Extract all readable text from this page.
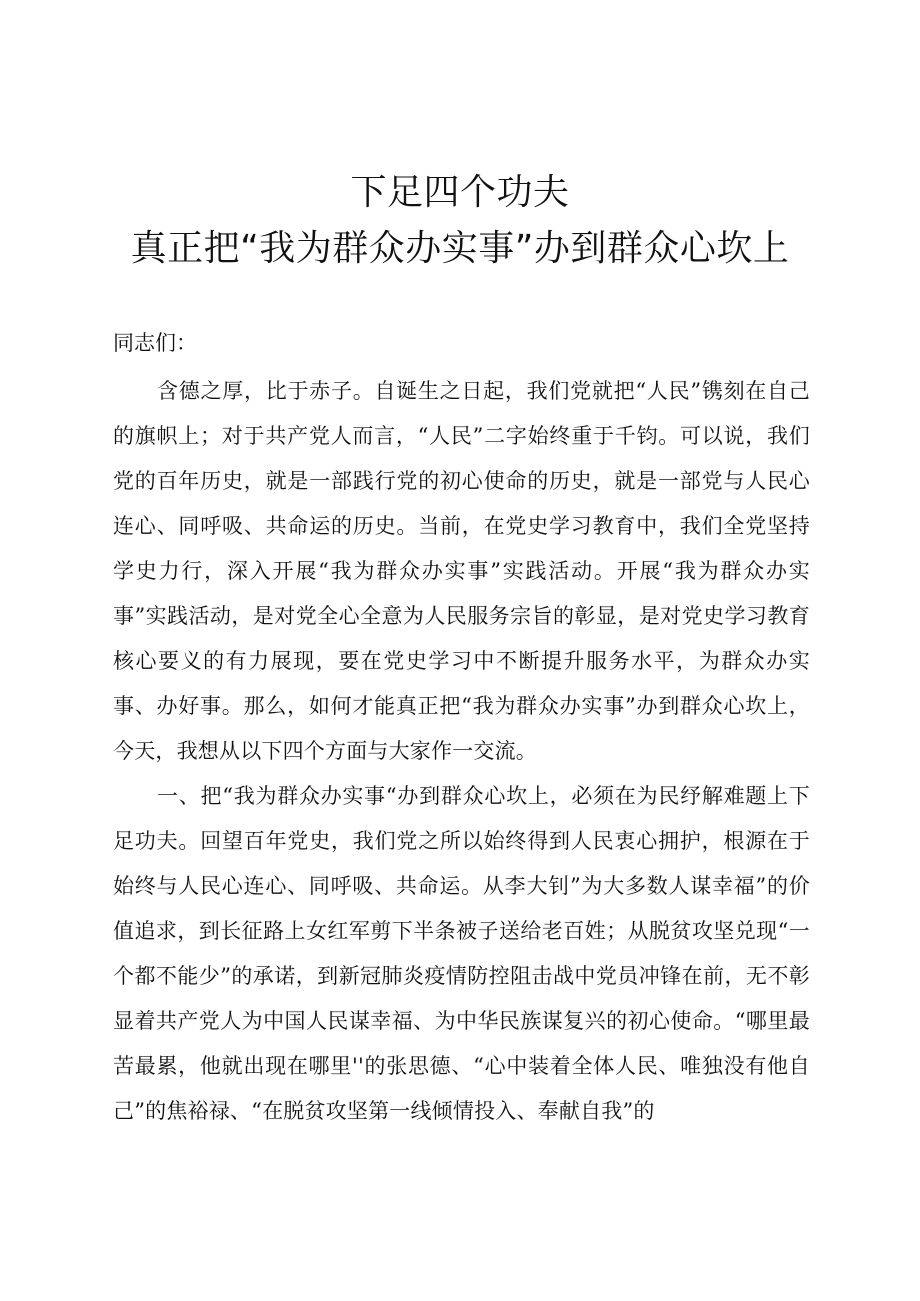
下足四个功夫
真正把“我为群众办实事”办到群众心坎上

同志们：

含德之厚，比于赤子。自诞生之日起，我们党就把“人民”镌刻在自己的旗帜上；对于共产党人而言，“人民”二字始终重于千钧。可以说，我们党的百年历史，就是一部践行党的初心使命的历史，就是一部党与人民心连心、同呼吸、共命运的历史。当前，在党史学习教育中，我们全党坚持学史力行，深入开展“我为群众办实事”实践活动。开展“我为群众办实事”实践活动，是对党全心全意为人民服务宗旨的彰显，是对党史学习教育核心要义的有力展现，要在党史学习中不断提升服务水平，为群众办实事、办好事。那么，如何才能真正把“我为群众办实事”办到群众心坎上，今天，我想从以下四个方面与大家作一交流。

一、把“我为群众办实事“办到群众心坎上，必须在为民纾解难题上下足功夫。回望百年党史，我们党之所以始终得到人民衷心拥护，根源在于始终与人民心连心、同呼吸、共命运。从李大钊”为大多数人谋幸福”的价值追求，到长征路上女红军剪下半条被子送给老百姓；从脱贫攻坚兑现“一个都不能少”的承诺，到新冠肺炎疫情防控阻击战中党员冲锋在前，无不彰显着共产党人为中国人民谋幸福、为中华民族谋复兴的初心使命。“哪里最苦最累，他就出现在哪里''的张思德、“心中装着全体人民、唯独没有他自己”的焦裕禄、“在脱贫攻坚第一线倾情投入、奉献自我”的
